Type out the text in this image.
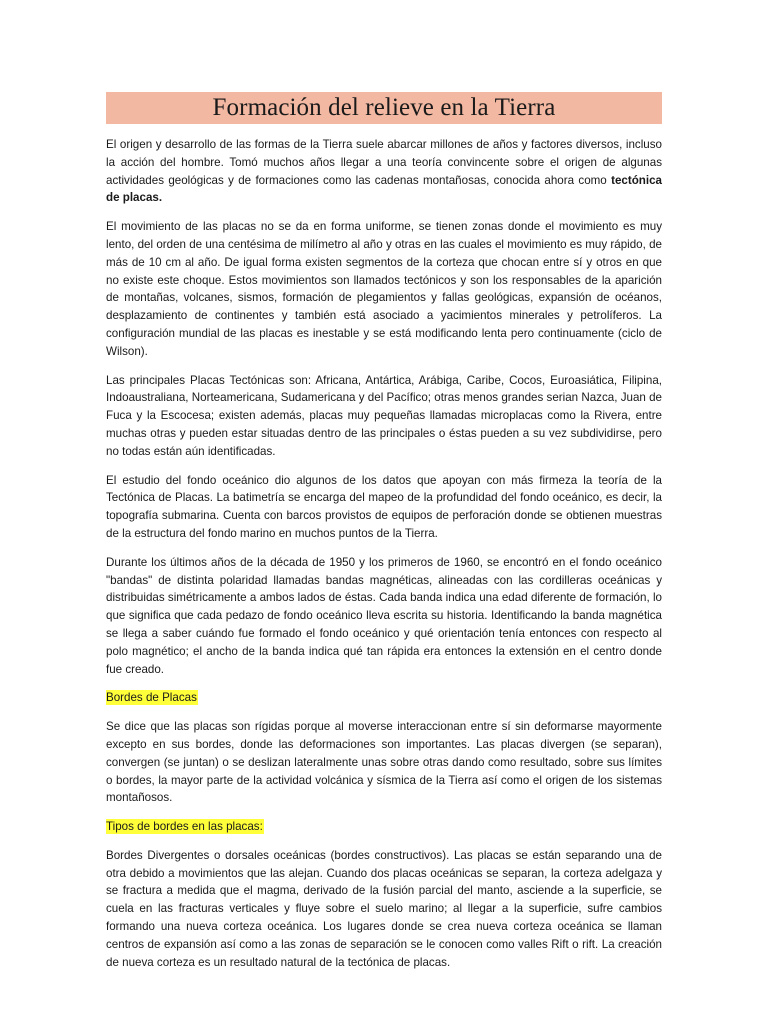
Formación del relieve en la Tierra

El origen y desarrollo de las formas de la Tierra suele abarcar millones de años y factores diversos, incluso la acción del hombre. Tomó muchos años llegar a una teoría convincente sobre el origen de algunas actividades geológicas y de formaciones como las cadenas montañosas, conocida ahora como tectónica de placas.

El movimiento de las placas no se da en forma uniforme, se tienen zonas donde el movimiento es muy lento, del orden de una centésima de milímetro al año y otras en las cuales el movimiento es muy rápido, de más de 10 cm al año. De igual forma existen segmentos de la corteza que chocan entre sí y otros en que no existe este choque. Estos movimientos son llamados tectónicos y son los responsables de la aparición de montañas, volcanes, sismos, formación de plegamientos y fallas geológicas, expansión de océanos, desplazamiento de continentes y también está asociado a yacimientos minerales y petrolíferos. La configuración mundial de las placas es inestable y se está modificando lenta pero continuamente (ciclo de Wilson).

Las principales Placas Tectónicas son: Africana, Antártica, Arábiga, Caribe, Cocos, Euroasiática, Filipina, Indoaustraliana, Norteamericana, Sudamericana y del Pacífico; otras menos grandes serian Nazca, Juan de Fuca y la Escocesa; existen además, placas muy pequeñas llamadas microplacas como la Rivera, entre muchas otras y pueden estar situadas dentro de las principales o éstas pueden a su vez subdividirse, pero no todas están aún identificadas.

El estudio del fondo oceánico dio algunos de los datos que apoyan con más firmeza la teoría de la Tectónica de Placas. La batimetría se encarga del mapeo de la profundidad del fondo oceánico, es decir, la topografía submarina. Cuenta con barcos provistos de equipos de perforación donde se obtienen muestras de la estructura del fondo marino en muchos puntos de la Tierra.

Durante los últimos años de la década de 1950 y los primeros de 1960, se encontró en el fondo oceánico "bandas" de distinta polaridad llamadas bandas magnéticas, alineadas con las cordilleras oceánicas y distribuidas simétricamente a ambos lados de éstas. Cada banda indica una edad diferente de formación, lo que significa que cada pedazo de fondo oceánico lleva escrita su historia. Identificando la banda magnética se llega a saber cuándo fue formado el fondo oceánico y qué orientación tenía entonces con respecto al polo magnético; el ancho de la banda indica qué tan rápida era entonces la extensión en el centro donde fue creado.

Bordes de Placas

Se dice que las placas son rígidas porque al moverse interaccionan entre sí sin deformarse mayormente excepto en sus bordes, donde las deformaciones son importantes. Las placas divergen (se separan), convergen (se juntan) o se deslizan lateralmente unas sobre otras dando como resultado, sobre sus límites o bordes, la mayor parte de la actividad volcánica y sísmica de la Tierra así como el origen de los sistemas montañosos.

Tipos de bordes en las placas:

Bordes Divergentes o dorsales oceánicas (bordes constructivos). Las placas se están separando una de otra debido a movimientos que las alejan. Cuando dos placas oceánicas se separan, la corteza adelgaza y se fractura a medida que el magma, derivado de la fusión parcial del manto, asciende a la superficie, se cuela en las fracturas verticales y fluye sobre el suelo marino; al llegar a la superficie, sufre cambios formando una nueva corteza oceánica. Los lugares donde se crea nueva corteza oceánica se llaman centros de expansión así como a las zonas de separación se le conocen como valles Rift o rift. La creación de nueva corteza es un resultado natural de la tectónica de placas.
